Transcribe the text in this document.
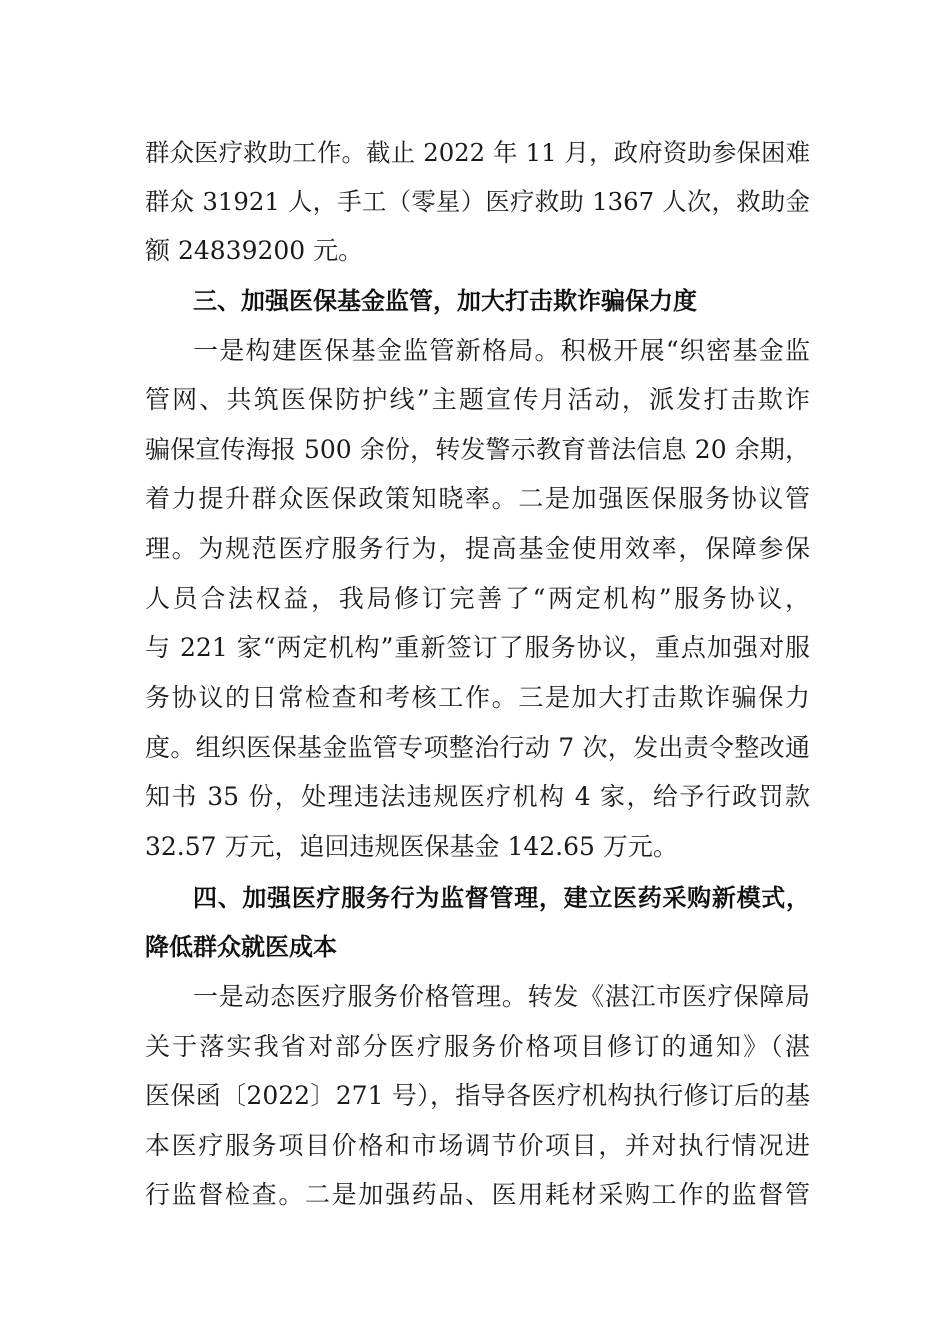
群众医疗救助工作。截止 2022 年 11 月，政府资助参保困难
群众 31921 人，手工（零星）医疗救助 1367 人次，救助金
额 24839200 元。
三、加强医保基金监管，加大打击欺诈骗保力度
一是构建医保基金监管新格局。积极开展“织密基金监
管网、共筑医保防护线”主题宣传月活动，派发打击欺诈
骗保宣传海报 500 余份，转发警示教育普法信息 20 余期，
着力提升群众医保政策知晓率。二是加强医保服务协议管
理。为规范医疗服务行为，提高基金使用效率，保障参保
人员合法权益，我局修订完善了“两定机构”服务协议，
与 221 家“两定机构”重新签订了服务协议，重点加强对服
务协议的日常检查和考核工作。三是加大打击欺诈骗保力
度。组织医保基金监管专项整治行动 7 次，发出责令整改通
知书 35 份，处理违法违规医疗机构 4 家，给予行政罚款
32.57 万元，追回违规医保基金 142.65 万元。
四、加强医疗服务行为监督管理，建立医药采购新模式，
降低群众就医成本
一是动态医疗服务价格管理。转发《湛江市医疗保障局
关于落实我省对部分医疗服务价格项目修订的通知》（湛
医保函〔2022〕271 号），指导各医疗机构执行修订后的基
本医疗服务项目价格和市场调节价项目，并对执行情况进
行监督检查。二是加强药品、医用耗材采购工作的监督管
